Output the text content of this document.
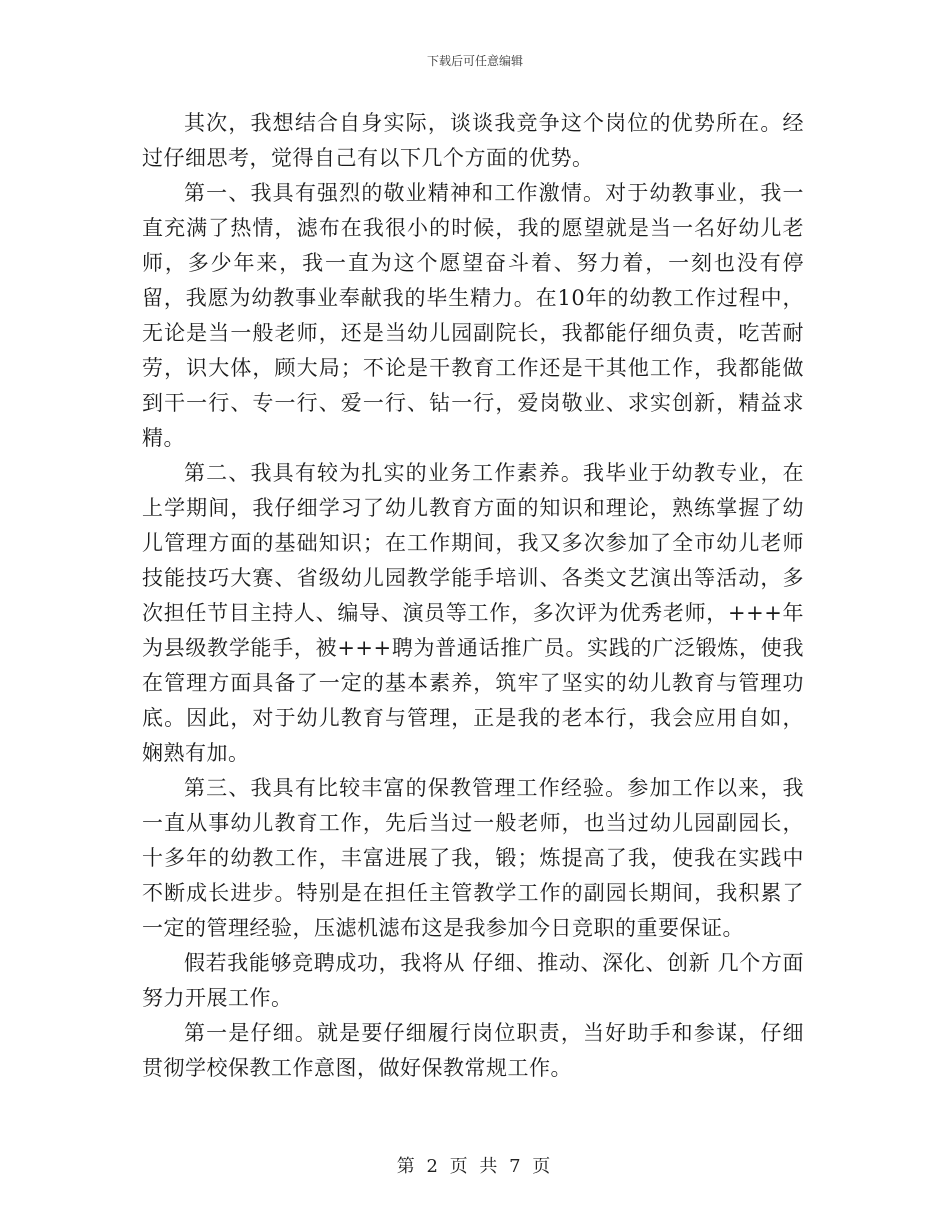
下载后可任意编辑

其次，我想结合自身实际，谈谈我竞争这个岗位的优势所在。经过仔细思考，觉得自己有以下几个方面的优势。

第一、我具有强烈的敬业精神和工作激情。对于幼教事业，我一直充满了热情，滤布在我很小的时候，我的愿望就是当一名好幼儿老师，多少年来，我一直为这个愿望奋斗着、努力着，一刻也没有停留，我愿为幼教事业奉献我的毕生精力。在10年的幼教工作过程中，无论是当一般老师，还是当幼儿园副院长，我都能仔细负责，吃苦耐劳，识大体，顾大局；不论是干教育工作还是干其他工作，我都能做到干一行、专一行、爱一行、钻一行，爱岗敬业、求实创新，精益求精。

第二、我具有较为扎实的业务工作素养。我毕业于幼教专业，在上学期间，我仔细学习了幼儿教育方面的知识和理论，熟练掌握了幼儿管理方面的基础知识；在工作期间，我又多次参加了全市幼儿老师技能技巧大赛、省级幼儿园教学能手培训、各类文艺演出等活动，多次担任节目主持人、编导、演员等工作，多次评为优秀老师，+++年为县级教学能手，被+++聘为普通话推广员。实践的广泛锻炼，使我在管理方面具备了一定的基本素养，筑牢了坚实的幼儿教育与管理功底。因此，对于幼儿教育与管理，正是我的老本行，我会应用自如，娴熟有加。

第三、我具有比较丰富的保教管理工作经验。参加工作以来，我一直从事幼儿教育工作，先后当过一般老师，也当过幼儿园副园长，十多年的幼教工作，丰富进展了我，锻；炼提高了我，使我在实践中不断成长进步。特别是在担任主管教学工作的副园长期间，我积累了一定的管理经验，压滤机滤布这是我参加今日竞职的重要保证。

假若我能够竞聘成功，我将从 仔细、推动、深化、创新 几个方面努力开展工作。

第一是仔细。就是要仔细履行岗位职责，当好助手和参谋，仔细贯彻学校保教工作意图，做好保教常规工作。

第 2 页 共 7 页
